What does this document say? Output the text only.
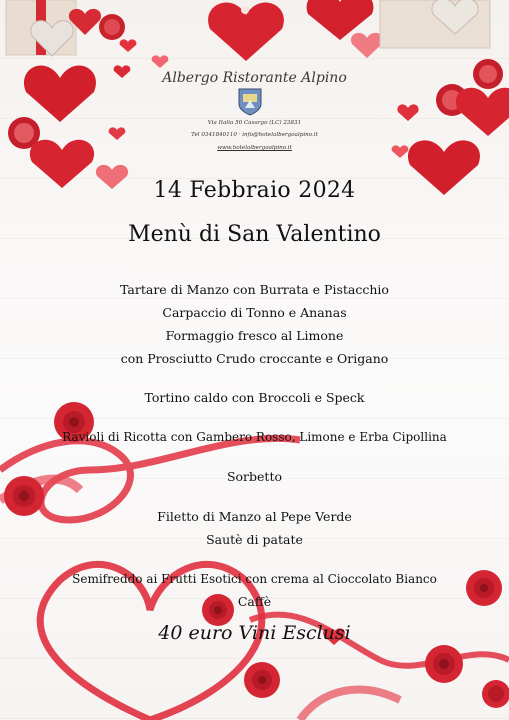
Albergo Ristorante Alpino
Via Italia 50 Casargo (LC) 23831
Tel 0341840110 · info@hotelalbergoalpino.it
www.hotelalbergoalpino.it
14 Febbraio 2024
Menù di San Valentino
Tartare di Manzo con Burrata e Pistacchio
Carpaccio di Tonno e Ananas
Formaggio fresco al Limone
con Prosciutto Crudo croccante e Origano
Tortino caldo con Broccoli e Speck
Ravioli di Ricotta con Gambero Rosso, Limone e Erba Cipollina
Sorbetto
Filetto di Manzo al Pepe Verde
Sautè di patate
Semifreddo ai Frutti Esotici con crema al Cioccolato Bianco
Caffè
40 euro Vini Esclusi
